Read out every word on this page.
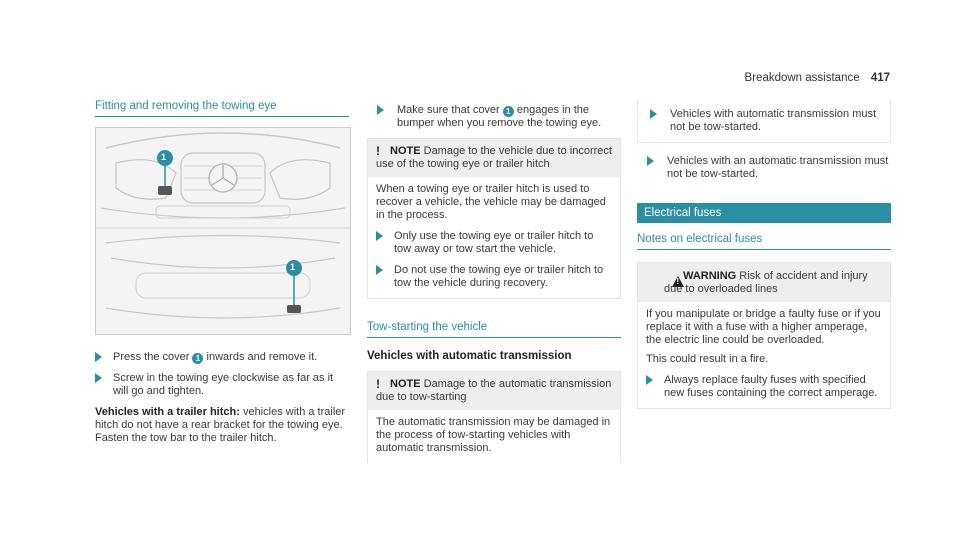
Breakdown assistance 417
Fitting and removing the towing eye
1
1
Press the cover 1 inwards and remove it.
Screw in the towing eye clockwise as far as it will go and tighten.
Vehicles with a trailer hitch: vehicles with a trailer hitch do not have a rear bracket for the towing eye. Fasten the tow bar to the trailer hitch.
Make sure that cover 1 engages in the bumper when you remove the towing eye.
! NOTE Damage to the vehicle due to incorrect use of the towing eye or trailer hitch
When a towing eye or trailer hitch is used to recover a vehicle, the vehicle may be damaged in the process.
Only use the towing eye or trailer hitch to tow away or tow start the vehicle.
Do not use the towing eye or trailer hitch to tow the vehicle during recovery.
Tow-starting the vehicle
Vehicles with automatic transmission
! NOTE Damage to the automatic transmission due to tow-starting
The automatic transmission may be damaged in the process of tow-starting vehicles with automatic transmission.
Vehicles with automatic transmission must not be tow-started.
Vehicles with an automatic transmission must not be tow-started.
Electrical fuses
Notes on electrical fuses
! WARNING Risk of accident and injury due to overloaded lines
If you manipulate or bridge a faulty fuse or if you replace it with a fuse with a higher amperage, the electric line could be overloaded.
This could result in a fire.
Always replace faulty fuses with specified new fuses containing the correct amperage.
